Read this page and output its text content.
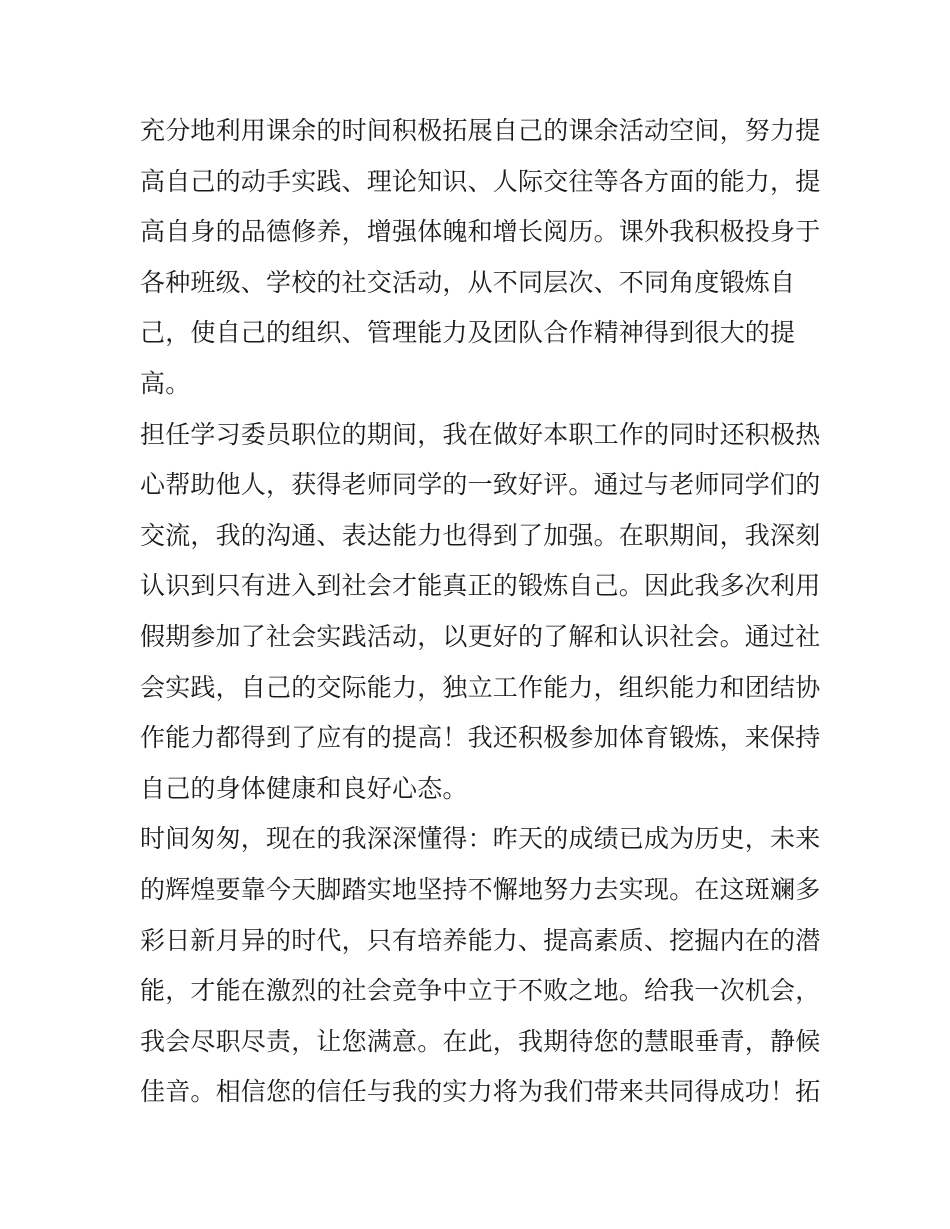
充分地利用课余的时间积极拓展自己的课余活动空间，努力提
高自己的动手实践、理论知识、人际交往等各方面的能力，提
高自身的品德修养，增强体魄和增长阅历。课外我积极投身于
各种班级、学校的社交活动，从不同层次、不同角度锻炼自
己，使自己的组织、管理能力及团队合作精神得到很大的提
高。
担任学习委员职位的期间，我在做好本职工作的同时还积极热
心帮助他人，获得老师同学的一致好评。通过与老师同学们的
交流，我的沟通、表达能力也得到了加强。在职期间，我深刻
认识到只有进入到社会才能真正的锻炼自己。因此我多次利用
假期参加了社会实践活动，以更好的了解和认识社会。通过社
会实践，自己的交际能力，独立工作能力，组织能力和团结协
作能力都得到了应有的提高！我还积极参加体育锻炼，来保持
自己的身体健康和良好心态。
时间匆匆，现在的我深深懂得：昨天的成绩已成为历史，未来
的辉煌要靠今天脚踏实地坚持不懈地努力去实现。在这斑斓多
彩日新月异的时代，只有培养能力、提高素质、挖掘内在的潜
能，才能在激烈的社会竞争中立于不败之地。给我一次机会，
我会尽职尽责，让您满意。在此，我期待您的慧眼垂青，静候
佳音。相信您的信任与我的实力将为我们带来共同得成功！拓
